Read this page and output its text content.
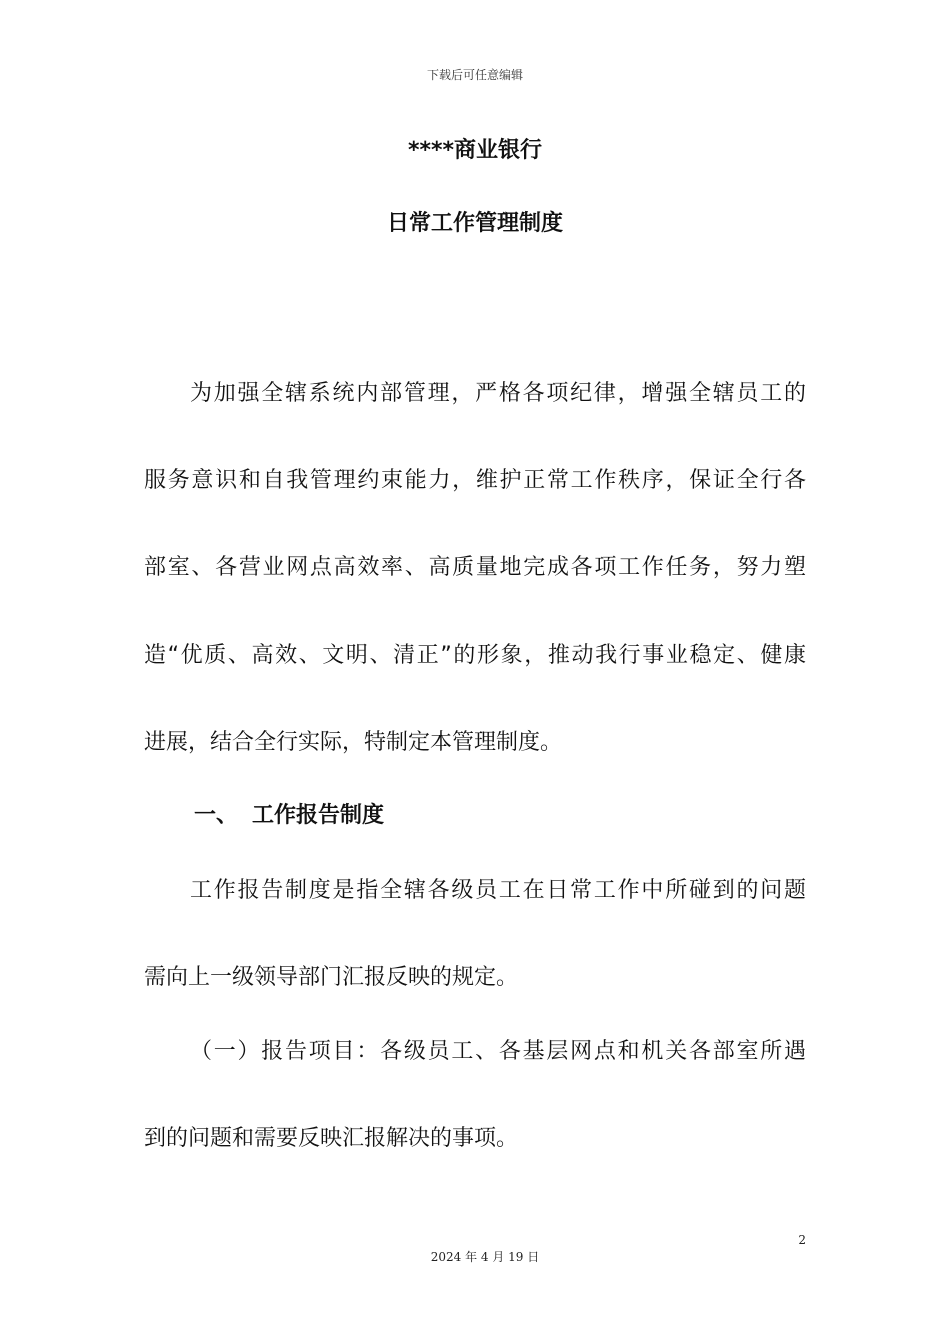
下载后可任意编辑
****商业银行
日常工作管理制度
为加强全辖系统内部管理，严格各项纪律，增强全辖员工的
服务意识和自我管理约束能力，维护正常工作秩序，保证全行各
部室、各营业网点高效率、高质量地完成各项工作任务，努力塑
造“优质、高效、文明、清正”的形象，推动我行事业稳定、健康
进展，结合全行实际，特制定本管理制度。
一、 工作报告制度
工作报告制度是指全辖各级员工在日常工作中所碰到的问题
需向上一级领导部门汇报反映的规定。
（一）报告项目：各级员工、各基层网点和机关各部室所遇
到的问题和需要反映汇报解决的事项。
2
2024 年 4 月 19 日
